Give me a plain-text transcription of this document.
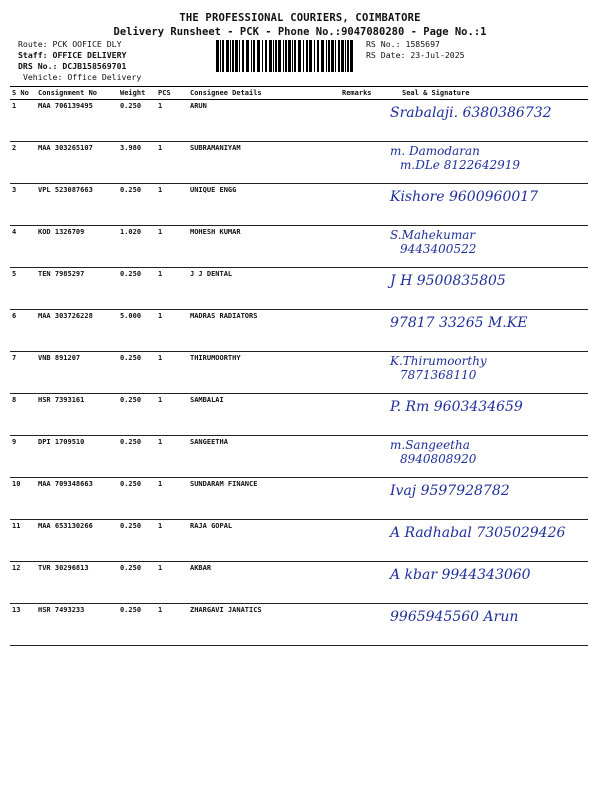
THE PROFESSIONAL COURIERS, COIMBATORE
Delivery Runsheet - PCK - Phone No.:9047080280 - Page No.:1
Route: PCK OOFICE DLY
Staff: OFFICE DELIVERY
DRS No.: DCJB158569701
Vehicle: Office Delivery
RS No.: 1585697
RS Date: 23-Jul-2025
S No	Consignment No	Weight	PCS	Consignee Details	Remarks	Seal & Signature
1	MAA 706139495	0.250	1	ARUN		Srabalaji. 6380386732

2	MAA 303265107	3.980	1	SUBRAMANIYAM		m. Damodaran
m.DLe 8122642919

3	VPL 523087663	0.250	1	UNIQUE ENGG		Kishore 9600960017

4	KOD 1326709	1.020	1	MOHESH KUMAR		S.Mahekumar
9443400522

5	TEN 7985297	0.250	1	J J DENTAL		J H 9500835805

6	MAA 303726228	5.000	1	MADRAS RADIATORS		97817 33265 M.KE

7	VNB 891207	0.250	1	THIRUMOORTHY		K.Thirumoorthy
7871368110

8	HSR 7393161	0.250	1	SAMBALAI		P. Rm 9603434659

9	DPI 1709510	0.250	1	SANGEETHA		m.Sangeetha
8940808920

10	MAA 709348663	0.250	1	SUNDARAM FINANCE		Ivaj 9597928782

11	MAA 653130266	0.250	1	RAJA GOPAL		A Radhabal 7305029426

12	TVR 30296813	0.250	1	AKBAR		A kbar 9944343060

13	HSR 7493233	0.250	1	ZHARGAVI JANATICS		9965945560 Arun
